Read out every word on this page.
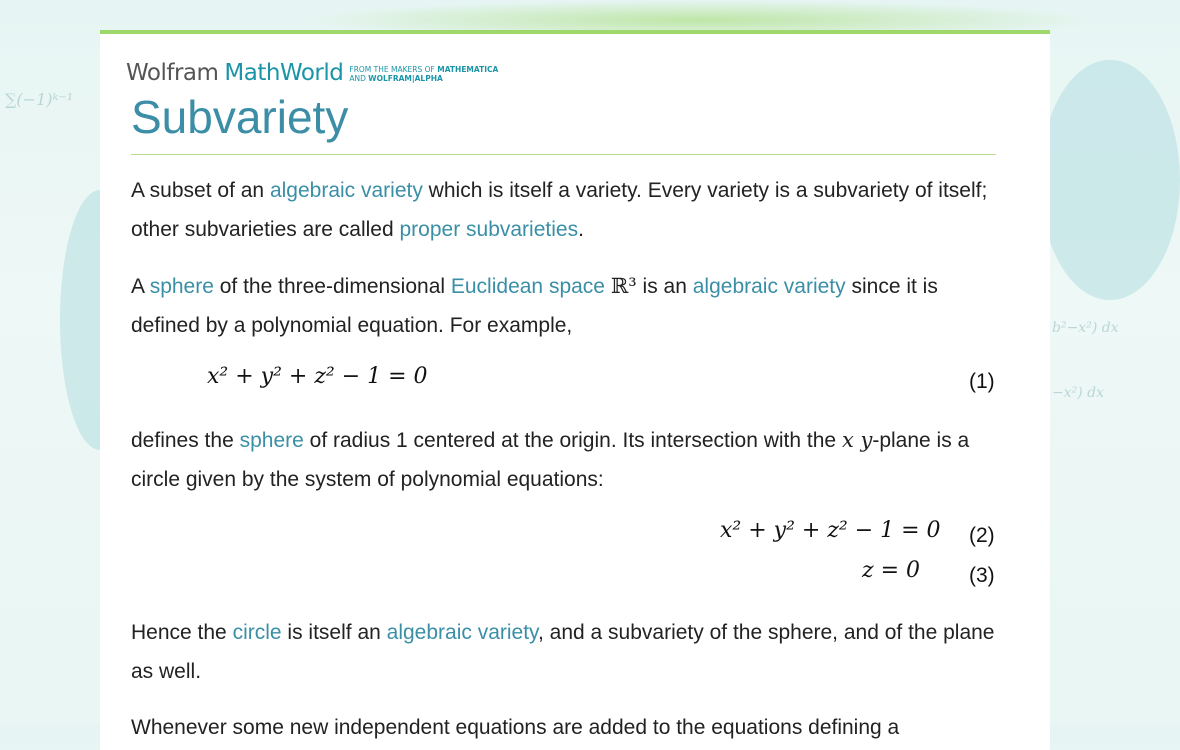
∑(−1)ᵏ⁻¹
b²−x²) dx
−x²) dx
Wolfram MathWorld FROM THE MAKERS OF MATHEMATICA
AND WOLFRAM|ALPHA
Subvariety
A subset of an algebraic variety which is itself a variety. Every variety is a subvariety of itself; other subvarieties are called proper subvarieties.
A sphere of the three-dimensional Euclidean space ℝ³ is an algebraic variety since it is defined by a polynomial equation. For example,
x² + y² + z² − 1 = 0	(1)
defines the sphere of radius 1 centered at the origin. Its intersection with the x y-plane is a circle given by the system of polynomial equations:
x² + y² + z² − 1 = 0 (2)
z = 0 (3)
Hence the circle is itself an algebraic variety, and a subvariety of the sphere, and of the plane as well.
Whenever some new independent equations are added to the equations defining a
